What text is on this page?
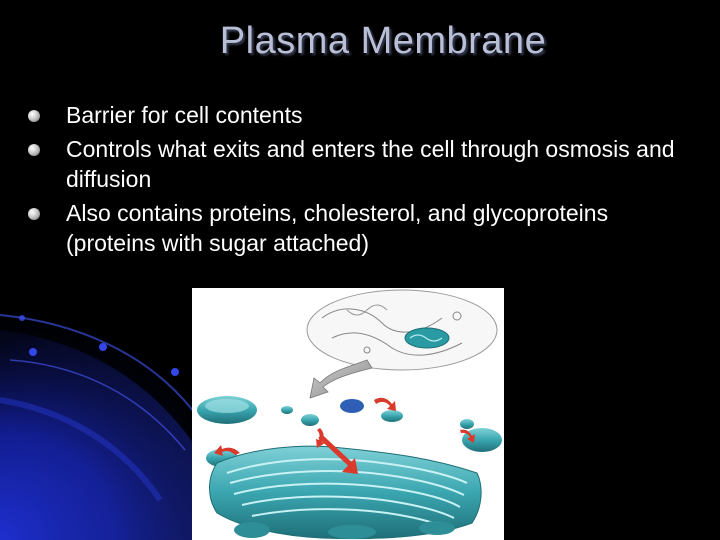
Plasma Membrane
Barrier for cell contents
Controls what exits and enters the cell through osmosis and diffusion
Also contains proteins, cholesterol, and glycoproteins (proteins with sugar attached)
